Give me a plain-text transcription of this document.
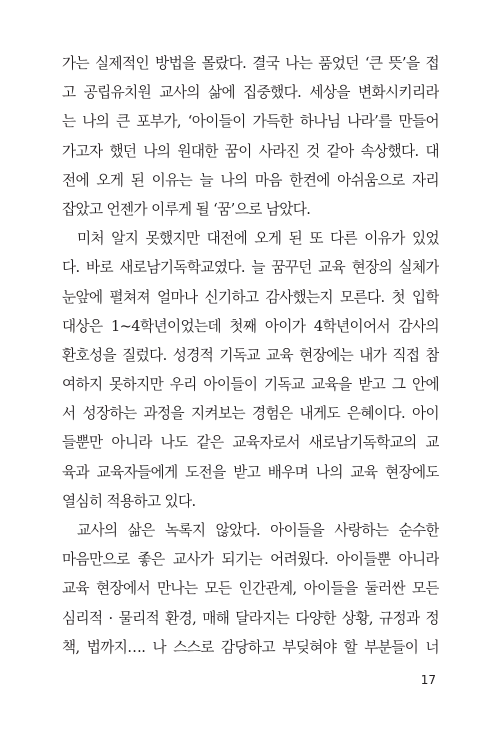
가는 실제적인 방법을 몰랐다. 결국 나는 품었던 ‘큰 뜻’을 접
고 공립유치원 교사의 삶에 집중했다. 세상을 변화시키리라
는 나의 큰 포부가, ‘아이들이 가득한 하나님 나라’를 만들어
가고자 했던 나의 원대한 꿈이 사라진 것 같아 속상했다. 대
전에 오게 된 이유는 늘 나의 마음 한켠에 아쉬움으로 자리
잡았고 언젠가 이루게 될 ‘꿈’으로 남았다.
미처 알지 못했지만 대전에 오게 된 또 다른 이유가 있었
다. 바로 새로남기독학교였다. 늘 꿈꾸던 교육 현장의 실체가
눈앞에 펼쳐져 얼마나 신기하고 감사했는지 모른다. 첫 입학
대상은 1~4학년이었는데 첫째 아이가 4학년이어서 감사의
환호성을 질렀다. 성경적 기독교 교육 현장에는 내가 직접 참
여하지 못하지만 우리 아이들이 기독교 교육을 받고 그 안에
서 성장하는 과정을 지켜보는 경험은 내게도 은혜이다. 아이
들뿐만 아니라 나도 같은 교육자로서 새로남기독학교의 교
육과 교육자들에게 도전을 받고 배우며 나의 교육 현장에도
열심히 적용하고 있다.
교사의 삶은 녹록지 않았다. 아이들을 사랑하는 순수한
마음만으로 좋은 교사가 되기는 어려웠다. 아이들뿐 아니라
교육 현장에서 만나는 모든 인간관계, 아이들을 둘러싼 모든
심리적 · 물리적 환경, 매해 달라지는 다양한 상황, 규정과 정
책, 법까지…. 나 스스로 감당하고 부딪혀야 할 부분들이 너
17
